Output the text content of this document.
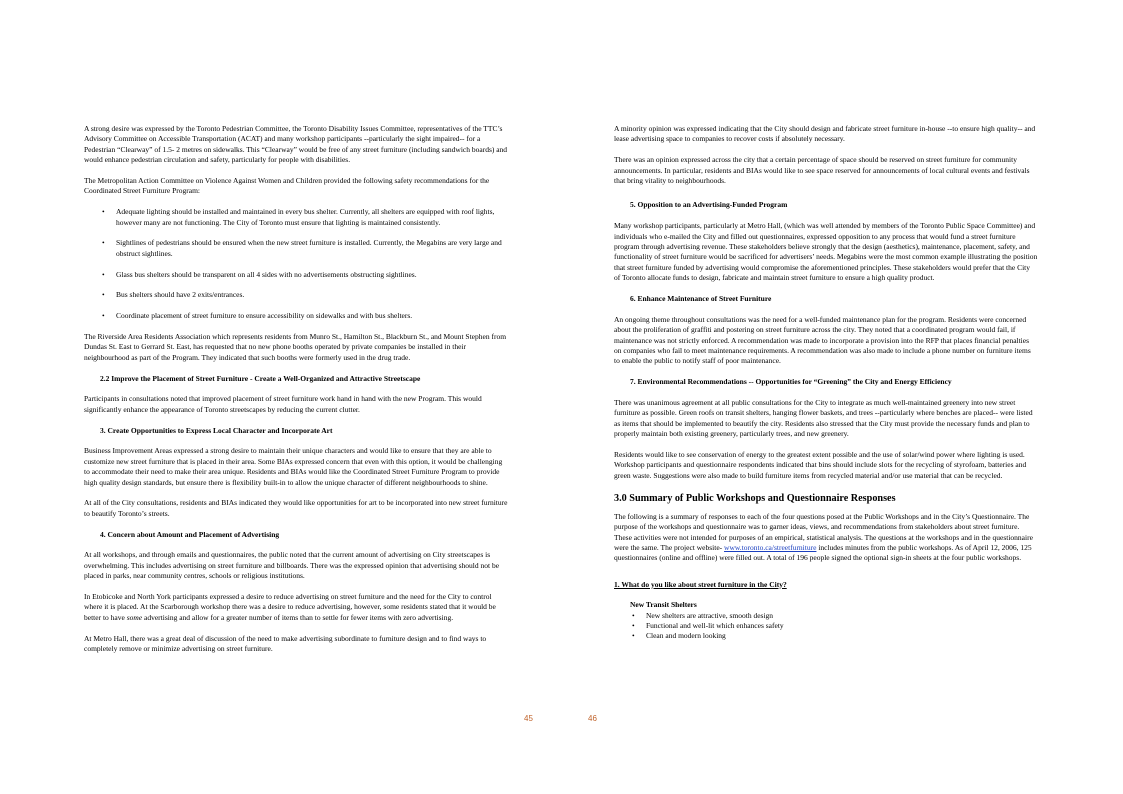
A strong desire was expressed by the Toronto Pedestrian Committee, the Toronto Disability Issues Committee, representatives of the TTC’s Advisory Committee on Accessible Transportation (ACAT) and many workshop participants --particularly the sight impaired-- for a Pedestrian “Clearway” of 1.5- 2 metres on sidewalks. This “Clearway” would be free of any street furniture (including sandwich boards) and would enhance pedestrian circulation and safety, particularly for people with disabilities.

The Metropolitan Action Committee on Violence Against Women and Children provided the following safety recommendations for the Coordinated Street Furniture Program:

• Adequate lighting should be installed and maintained in every bus shelter. Currently, all shelters are equipped with roof lights, however many are not functioning. The City of Toronto must ensure that lighting is maintained consistently.
• Sightlines of pedestrians should be ensured when the new street furniture is installed. Currently, the Megabins are very large and obstruct sightlines.
• Glass bus shelters should be transparent on all 4 sides with no advertisements obstructing sightlines.
• Bus shelters should have 2 exits/entrances.
• Coordinate placement of street furniture to ensure accessibility on sidewalks and with bus shelters.

The Riverside Area Residents Association which represents residents from Munro St., Hamilton St., Blackburn St., and Mount Stephen from Dundas St. East to Gerrard St. East, has requested that no new phone booths operated by private companies be installed in their neighbourhood as part of the Program. They indicated that such booths were formerly used in the drug trade.

2.2 Improve the Placement of Street Furniture - Create a Well-Organized and Attractive Streetscape

Participants in consultations noted that improved placement of street furniture work hand in hand with the new Program. This would significantly enhance the appearance of Toronto streetscapes by reducing the current clutter.

3. Create Opportunities to Express Local Character and Incorporate Art

Business Improvement Areas expressed a strong desire to maintain their unique characters and would like to ensure that they are able to customize new street furniture that is placed in their area. Some BIAs expressed concern that even with this option, it would be challenging to accommodate their need to make their area unique. Residents and BIAs would like the Coordinated Street Furniture Program to provide high quality design standards, but ensure there is flexibility built-in to allow the unique character of different neighbourhoods to shine.

At all of the City consultations, residents and BIAs indicated they would like opportunities for art to be incorporated into new street furniture to beautify Toronto’s streets.

4. Concern about Amount and Placement of Advertising

At all workshops, and through emails and questionnaires, the public noted that the current amount of advertising on City streetscapes is overwhelming. This includes advertising on street furniture and billboards. There was the expressed opinion that advertising should not be placed in parks, near community centres, schools or religious institutions.

In Etobicoke and North York participants expressed a desire to reduce advertising on street furniture and the need for the City to control where it is placed. At the Scarborough workshop there was a desire to reduce advertising, however, some residents stated that it would be better to have some advertising and allow for a greater number of items than to settle for fewer items with zero advertising.

At Metro Hall, there was a great deal of discussion of the need to make advertising subordinate to furniture design and to find ways to completely remove or minimize advertising on street furniture.

A minority opinion was expressed indicating that the City should design and fabricate street furniture in-house --to ensure high quality-- and lease advertising space to companies to recover costs if absolutely necessary.

There was an opinion expressed across the city that a certain percentage of space should be reserved on street furniture for community announcements. In particular, residents and BIAs would like to see space reserved for announcements of local cultural events and festivals that bring vitality to neighbourhoods.

5. Opposition to an Advertising-Funded Program

Many workshop participants, particularly at Metro Hall, (which was well attended by members of the Toronto Public Space Committee) and individuals who e-mailed the City and filled out questionnaires, expressed opposition to any process that would fund a street furniture program through advertising revenue. These stakeholders believe strongly that the design (aesthetics), maintenance, placement, safety, and functionality of street furniture would be sacrificed for advertisers’ needs. Megabins were the most common example illustrating the position that street furniture funded by advertising would compromise the aforementioned principles. These stakeholders would prefer that the City of Toronto allocate funds to design, fabricate and maintain street furniture to ensure a high quality product.

6. Enhance Maintenance of Street Furniture

An ongoing theme throughout consultations was the need for a well-funded maintenance plan for the program. Residents were concerned about the proliferation of graffiti and postering on street furniture across the city. They noted that a coordinated program would fail, if maintenance was not strictly enforced. A recommendation was made to incorporate a provision into the RFP that places financial penalties on companies who fail to meet maintenance requirements. A recommendation was also made to include a phone number on furniture items to enable the public to notify staff of poor maintenance.

7. Environmental Recommendations -- Opportunities for “Greening” the City and Energy Efficiency

There was unanimous agreement at all public consultations for the City to integrate as much well-maintained greenery into new street furniture as possible. Green roofs on transit shelters, hanging flower baskets, and trees --particularly where benches are placed-- were listed as items that should be implemented to beautify the city. Residents also stressed that the City must provide the necessary funds and plan to properly maintain both existing greenery, particularly trees, and new greenery.

Residents would like to see conservation of energy to the greatest extent possible and the use of solar/wind power where lighting is used. Workshop participants and questionnaire respondents indicated that bins should include slots for the recycling of styrofoam, batteries and green waste. Suggestions were also made to build furniture items from recycled material and/or use material that can be recycled.

3.0 Summary of Public Workshops and Questionnaire Responses

The following is a summary of responses to each of the four questions posed at the Public Workshops and in the City’s Questionnaire. The purpose of the workshops and questionnaire was to garner ideas, views, and recommendations from stakeholders about street furniture. These activities were not intended for purposes of an empirical, statistical analysis. The questions at the workshops and in the questionnaire were the same. The project website- www.toronto.ca/streetfurniture includes minutes from the public workshops. As of April 12, 2006, 125 questionnaires (online and offline) were filled out. A total of 196 people signed the optional sign-in sheets at the four public workshops.

1. What do you like about street furniture in the City?
New Transit Shelters
• New shelters are attractive, smooth design
• Functional and well-lit which enhances safety
• Clean and modern looking
45	46
